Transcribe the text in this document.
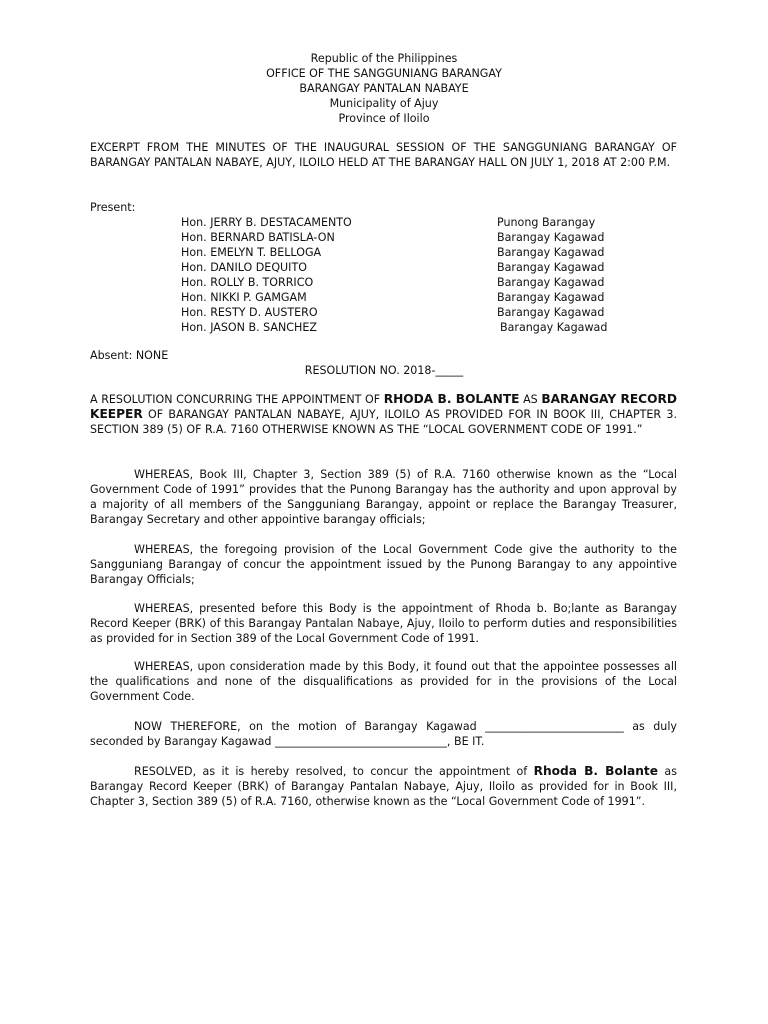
Republic of the Philippines
OFFICE OF THE SANGGUNIANG BARANGAY
BARANGAY PANTALAN NABAYE
Municipality of Ajuy
Province of Iloilo
EXCERPT FROM THE MINUTES OF THE INAUGURAL SESSION OF THE SANGGUNIANG BARANGAY OF BARANGAY PANTALAN NABAYE, AJUY, ILOILO HELD AT THE BARANGAY HALL ON JULY 1, 2018 AT 2:00 P.M.
Present:
Hon. JERRY B. DESTACAMENTO	Punong Barangay
Hon. BERNARD BATISLA-ON	Barangay Kagawad
Hon. EMELYN T. BELLOGA	Barangay Kagawad
Hon. DANILO DEQUITO	Barangay Kagawad
Hon. ROLLY B. TORRICO	Barangay Kagawad
Hon. NIKKI P. GAMGAM	Barangay Kagawad
Hon. RESTY D. AUSTERO	Barangay Kagawad
Hon. JASON B. SANCHEZ	Barangay Kagawad
Absent: NONE
RESOLUTION NO. 2018-_____
A RESOLUTION CONCURRING THE APPOINTMENT OF RHODA B. BOLANTE AS BARANGAY RECORD KEEPER OF BARANGAY PANTALAN NABAYE, AJUY, ILOILO AS PROVIDED FOR IN BOOK III, CHAPTER 3. SECTION 389 (5) OF R.A. 7160 OTHERWISE KNOWN AS THE “LOCAL GOVERNMENT CODE OF 1991.”
WHEREAS, Book III, Chapter 3, Section 389 (5) of R.A. 7160 otherwise known as the “Local Government Code of 1991” provides that the Punong Barangay has the authority and upon approval by a majority of all members of the Sangguniang Barangay, appoint or replace the Barangay Treasurer, Barangay Secretary and other appointive barangay officials;
WHEREAS, the foregoing provision of the Local Government Code give the authority to the Sangguniang Barangay of concur the appointment issued by the Punong Barangay to any appointive Barangay Officials;
WHEREAS, presented before this Body is the appointment of Rhoda b. Bo;lante as Barangay Record Keeper (BRK) of this Barangay Pantalan Nabaye, Ajuy, Iloilo to perform duties and responsibilities as provided for in Section 389 of the Local Government Code of 1991.
WHEREAS, upon consideration made by this Body, it found out that the appointee possesses all the qualifications and none of the disqualifications as provided for in the provisions of the Local Government Code.
NOW THEREFORE, on the motion of Barangay Kagawad _________________________ as duly seconded by Barangay Kagawad _______________________________, BE IT.
RESOLVED, as it is hereby resolved, to concur the appointment of Rhoda B. Bolante as Barangay Record Keeper (BRK) of Barangay Pantalan Nabaye, Ajuy, Iloilo as provided for in Book III, Chapter 3, Section 389 (5) of R.A. 7160, otherwise known as the “Local Government Code of 1991”.
